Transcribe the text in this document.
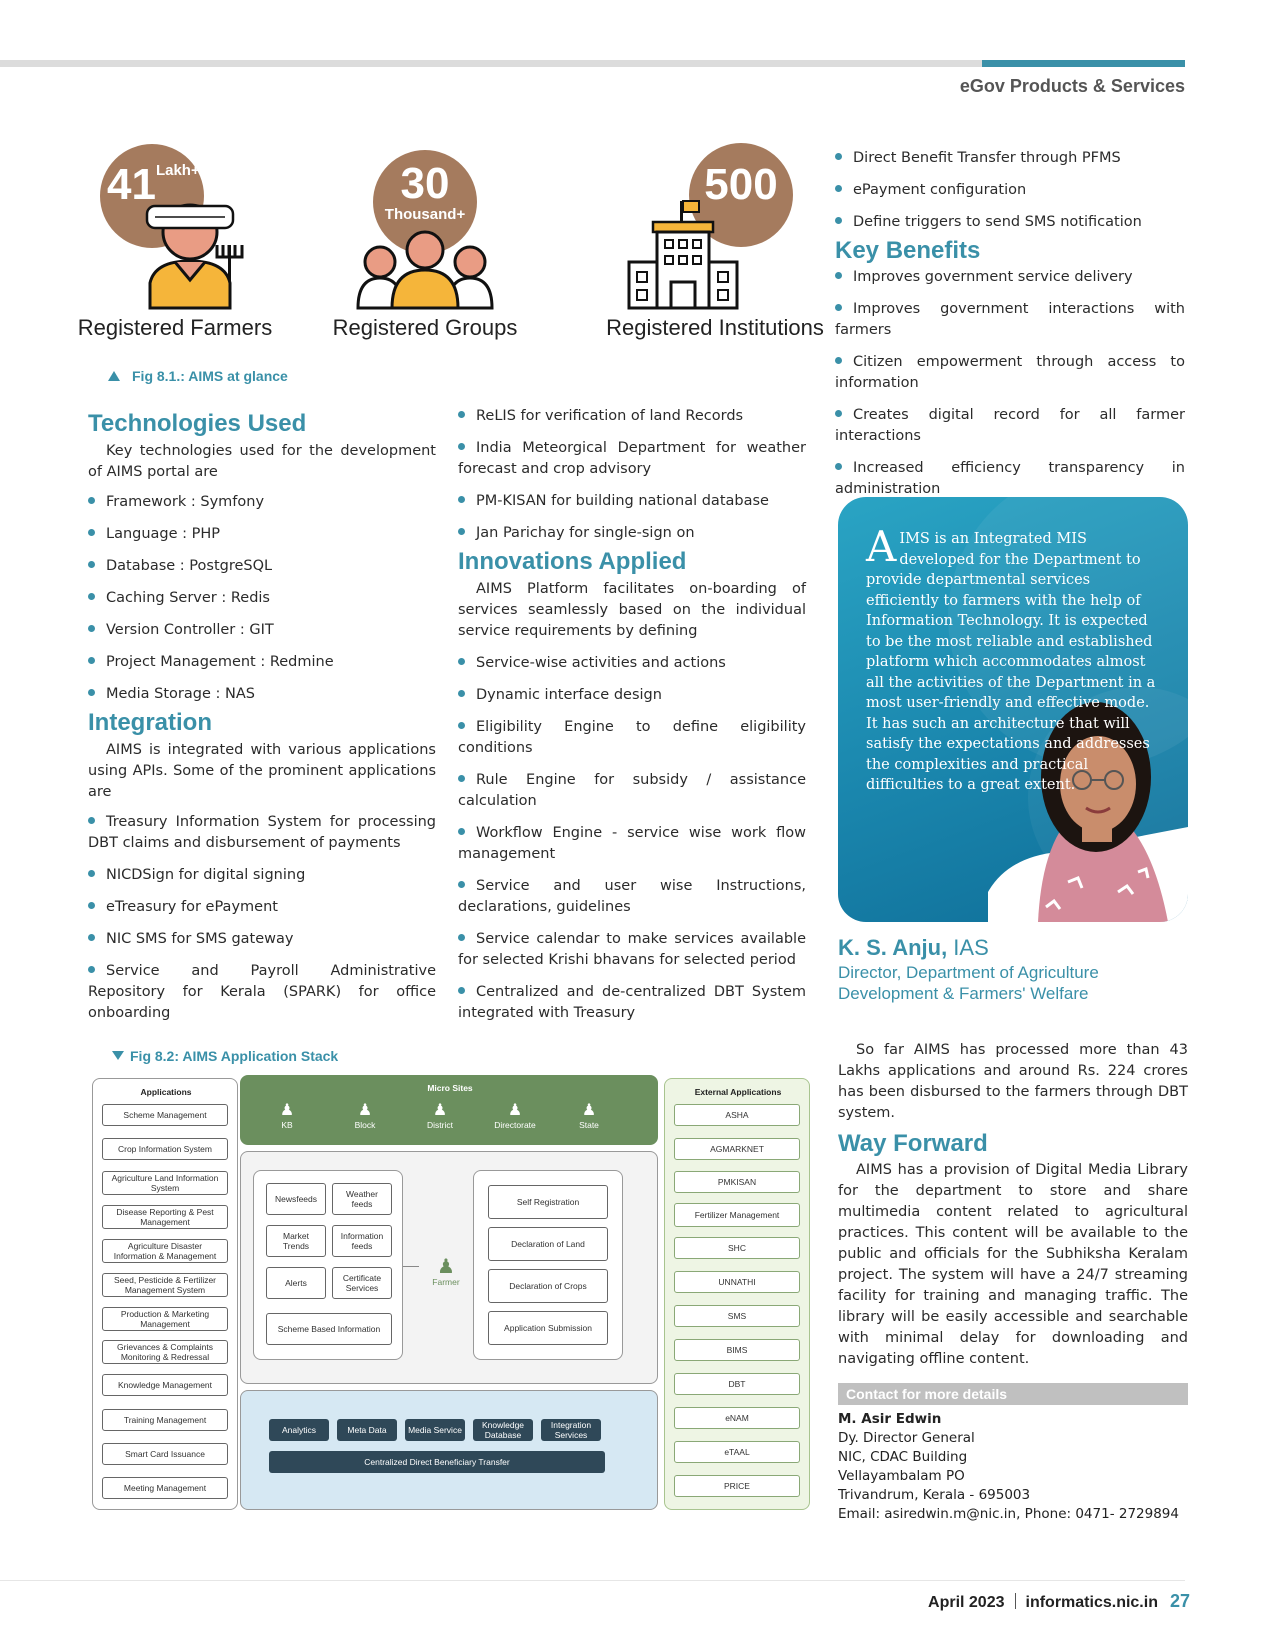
eGov Products & Services
41Lakh+
Registered Farmers
30
Thousand+
Registered Groups
500
Registered Institutions
Fig 8.1.: AIMS at glance
Technologies Used

Key technologies used for the development of AIMS portal are

Framework : Symfony
Language : PHP
Database : PostgreSQL
Caching Server : Redis
Version Controller : GIT
Project Management : Redmine
Media Storage : NAS
Integration

AIMS is integrated with various applications using APIs. Some of the prominent applications are

Treasury Information System for processing DBT claims and disbursement of payments
NICDSign for digital signing
eTreasury for ePayment
NIC SMS for SMS gateway
Service and Payroll Administrative Repository for Kerala (SPARK) for office onboarding
ReLIS for verification of land Records
India Meteorgical Department for weather forecast and crop advisory
PM-KISAN for building national database
Jan Parichay for single-sign on
Innovations Applied

AIMS Platform facilitates on-boarding of services seamlessly based on the individual service requirements by defining

Service-wise activities and actions
Dynamic interface design
Eligibility Engine to define eligibility conditions
Rule Engine for subsidy / assistance calculation
Workflow Engine - service wise work flow management
Service and user wise Instructions, declarations, guidelines
Service calendar to make services available for selected Krishi bhavans for selected period
Centralized and de-centralized DBT System integrated with Treasury
Direct Benefit Transfer through PFMS
ePayment configuration
Define triggers to send SMS notification
Key Benefits
Improves government service delivery
Improves government interactions with farmers
Citizen empowerment through access to information
Creates digital record for all farmer interactions
Increased efficiency transparency in administration
AIMS is an Integrated MIS developed for the Department to provide departmental services efficiently to farmers with the help of Information Technology. It is expected to be the most reliable and established platform which accommodates almost all the activities of the Department in a most user-friendly and effective mode. It has such an architecture that will satisfy the expectations and addresses the complexities and practical difficulties to a great extent.
K. S. Anju, IAS
Director, Department of Agriculture Development & Farmers' Welfare

So far AIMS has processed more than 43 Lakhs applications and around Rs. 224 crores has been disbursed to the farmers through DBT system.

Way Forward

AIMS has a provision of Digital Media Library for the department to store and share multimedia content related to agricultural practices. This content will be available to the public and officials for the Subhiksha Keralam project. The system will have a 24/7 streaming facility for training and managing traffic. The library will be easily accessible and searchable with minimal delay for downloading and navigating offline content.

Contact for more details
M. Asir Edwin
Dy. Director General
NIC, CDAC Building
Vellayambalam PO
Trivandrum, Kerala - 695003
Email: asiredwin.m@nic.in, Phone: 0471- 2729894
Fig 8.2: AIMS Application Stack
Applications
Scheme Management
Crop Information System
Agriculture Land Information System
Disease Reporting & Pest Management
Agriculture Disaster Information & Management
Seed, Pesticide & Fertilizer Management System
Production & Marketing Management
Grievances & Complaints Monitoring & Redressal
Knowledge Management
Training Management
Smart Card Issuance
Meeting Management
Micro Sites
♟
KB
♟
Block
♟
District
♟
Directorate
♟
State
Newsfeeds	Weather feeds
Market Trends
Information feeds
Alerts	Certificate Services
Scheme Based Information
♟
Farmer
Self Registration
Declaration of Land
Declaration of Crops
Application Submission
Analytics	Meta Data	Media Service	Knowledge Database
Integration Services
Centralized Direct Beneficiary Transfer
External Applications
ASHA
AGMARKNET
PMKISAN
Fertilizer Management
SHC
UNNATHI
SMS
BIMS
DBT
eNAM
eTAAL
PRICE
April 2023 informatics.nic.in 27
